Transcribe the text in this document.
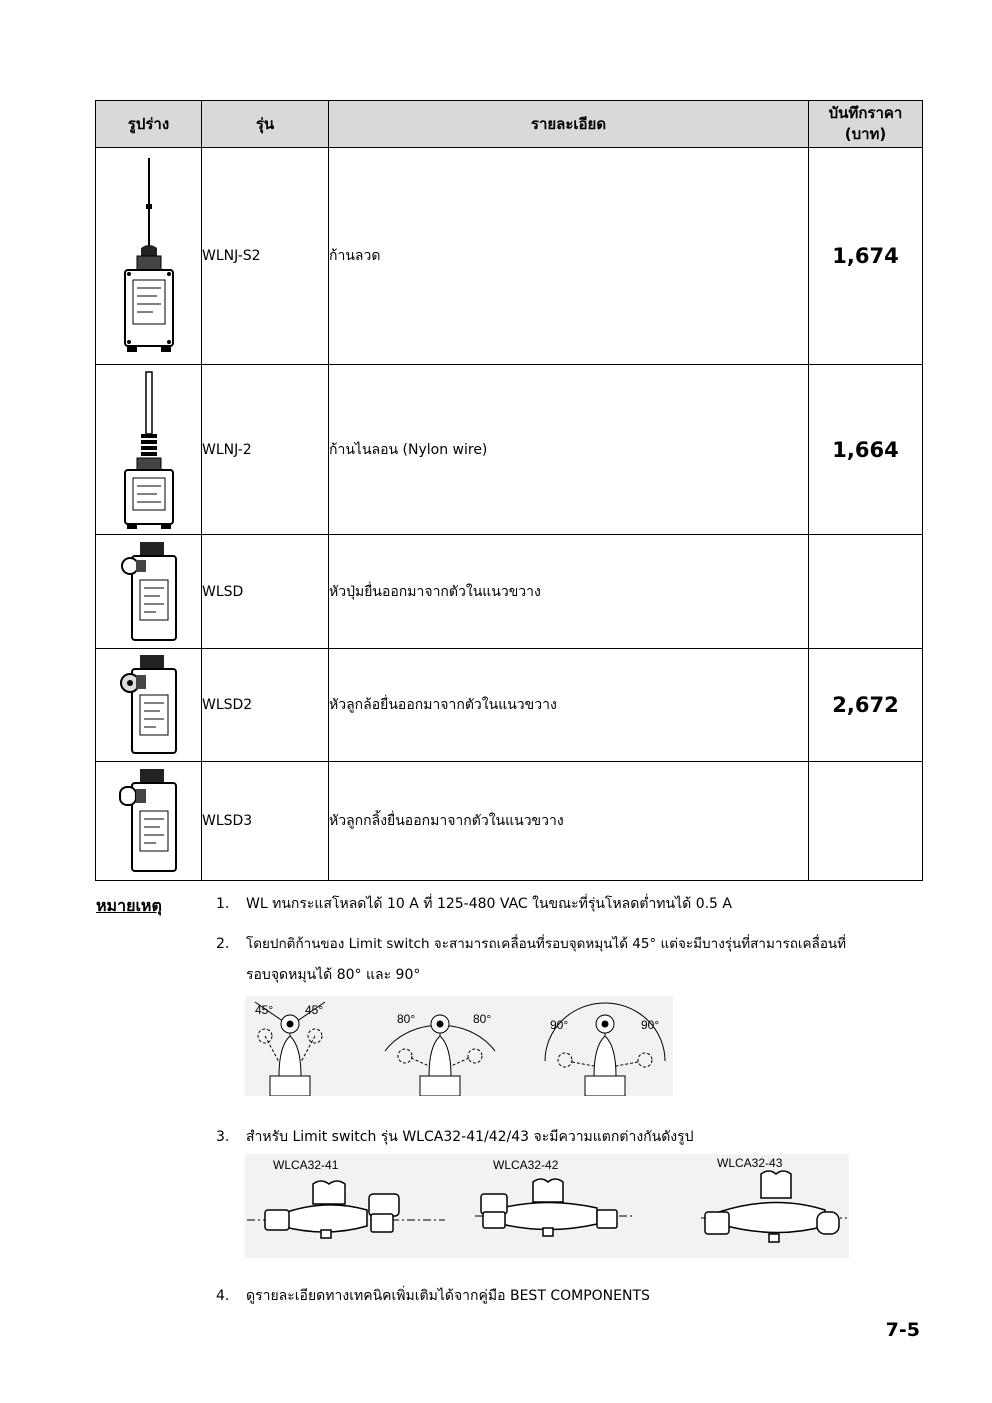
รูปร่าง	รุ่น	รายละเอียด	บันทึกราคา
(บาท)

	WLNJ-S2	ก้านลวด	1,674

	WLNJ-2	ก้านไนลอน (Nylon wire)	1,664

	WLSD	หัวปุ่มยื่นออกมาจากตัวในแนวขวาง	

	WLSD2	หัวลูกล้อยื่นออกมาจากตัวในแนวขวาง	2,672

	WLSD3	หัวลูกกลิ้งยื่นออกมาจากตัวในแนวขวาง	
หมายเหตุ	1. WL ทนกระแสโหลดได้ 10 A ที่ 125-480 VAC ในขณะที่รุ่นโหลดต่ำทนได้ 0.5 A
2. โดยปกติก้านของ Limit switch จะสามารถเคลื่อนที่รอบจุดหมุนได้ 45° แต่จะมีบางรุ่นที่สามารถเคลื่อนที่
รอบจุดหมุนได้ 80° และ 90°
45°	45°
80°	80°	90°	90°
3. สำหรับ Limit switch รุ่น WLCA32-41/42/43 จะมีความแตกต่างกันดังรูป
WLCA32-41	WLCA32-42	WLCA32-43
4. ดูรายละเอียดทางเทคนิคเพิ่มเติมได้จากคู่มือ BEST COMPONENTS
7-5
